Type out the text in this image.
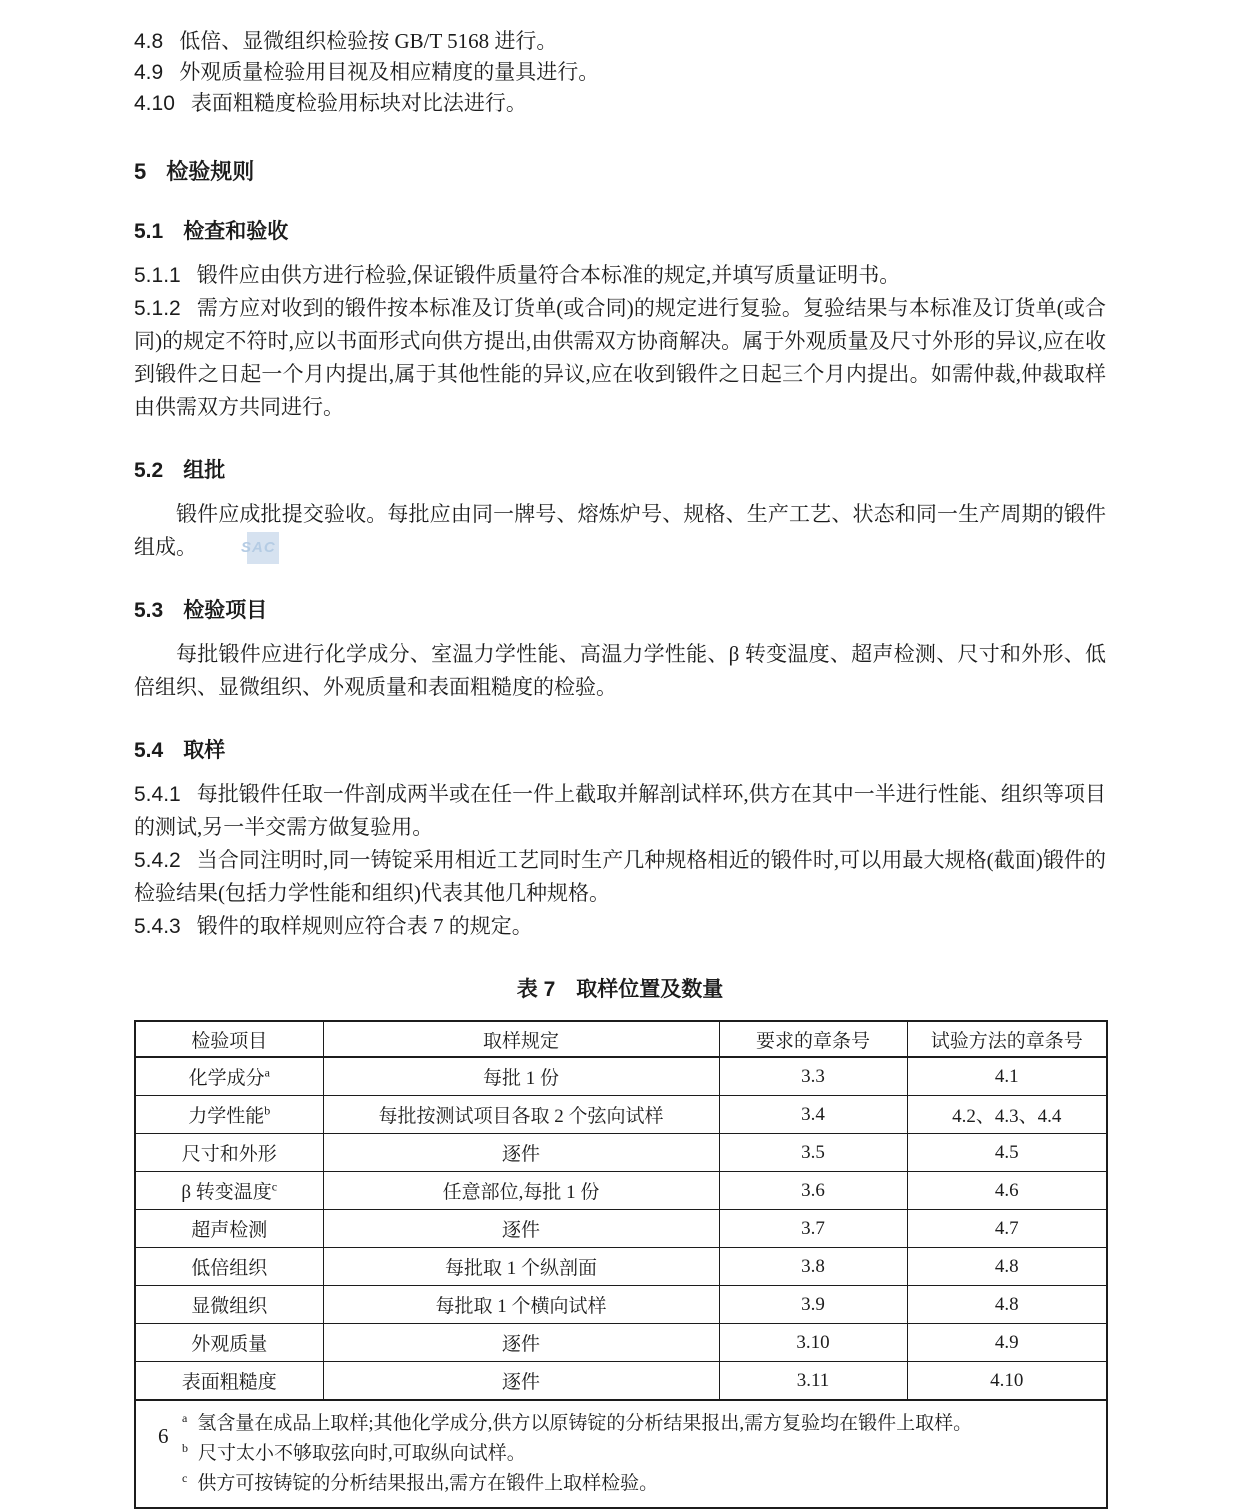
4.8 低倍、显微组织检验按 GB/T 5168 进行。

4.9 外观质量检验用目视及相应精度的量具进行。

4.10 表面粗糙度检验用标块对比法进行。

5 检验规则
5.1 检查和验收

5.1.1 锻件应由供方进行检验,保证锻件质量符合本标准的规定,并填写质量证明书。

5.1.2 需方应对收到的锻件按本标准及订货单(或合同)的规定进行复验。复验结果与本标准及订货单(或合同)的规定不符时,应以书面形式向供方提出,由供需双方协商解决。属于外观质量及尺寸外形的异议,应在收到锻件之日起一个月内提出,属于其他性能的异议,应在收到锻件之日起三个月内提出。如需仲裁,仲裁取样由供需双方共同进行。

5.2 组批

锻件应成批提交验收。每批应由同一牌号、熔炼炉号、规格、生产工艺、状态和同一生产周期的锻件组成。

5.3 检验项目

每批锻件应进行化学成分、室温力学性能、高温力学性能、β 转变温度、超声检测、尺寸和外形、低倍组织、显微组织、外观质量和表面粗糙度的检验。

5.4 取样

5.4.1 每批锻件任取一件剖成两半或在任一件上截取并解剖试样环,供方在其中一半进行性能、组织等项目的测试,另一半交需方做复验用。

5.4.2 当合同注明时,同一铸锭采用相近工艺同时生产几种规格相近的锻件时,可以用最大规格(截面)锻件的检验结果(包括力学性能和组织)代表其他几种规格。

5.4.3 锻件的取样规则应符合表 7 的规定。

表 7　取样位置及数量

检验项目	取样规定	要求的章条号	试验方法的章条号
化学成分$^a$	每批 1 份	3.3	4.1
力学性能$^b$	每批按测试项目各取 2 个弦向试样	3.4	4.2、4.3、4.4
尺寸和外形	逐件	3.5	4.5
β 转变温度$^c$	任意部位,每批 1 份	3.6	4.6
超声检测	逐件	3.7	4.7
低倍组织	每批取 1 个纵剖面	3.8	4.8
显微组织	每批取 1 个横向试样	3.9	4.8
外观质量	逐件	3.10	4.9
表面粗糙度	逐件	3.11	4.10

$^a$ 氢含量在成品上取样;其他化学成分,供方以原铸锭的分析结果报出,需方复验均在锻件上取样。
$^b$ 尺寸太小不够取弦向时,可取纵向试样。
$^c$ 供方可按铸锭的分析结果报出,需方在锻件上取样检验。			
SAC
6
